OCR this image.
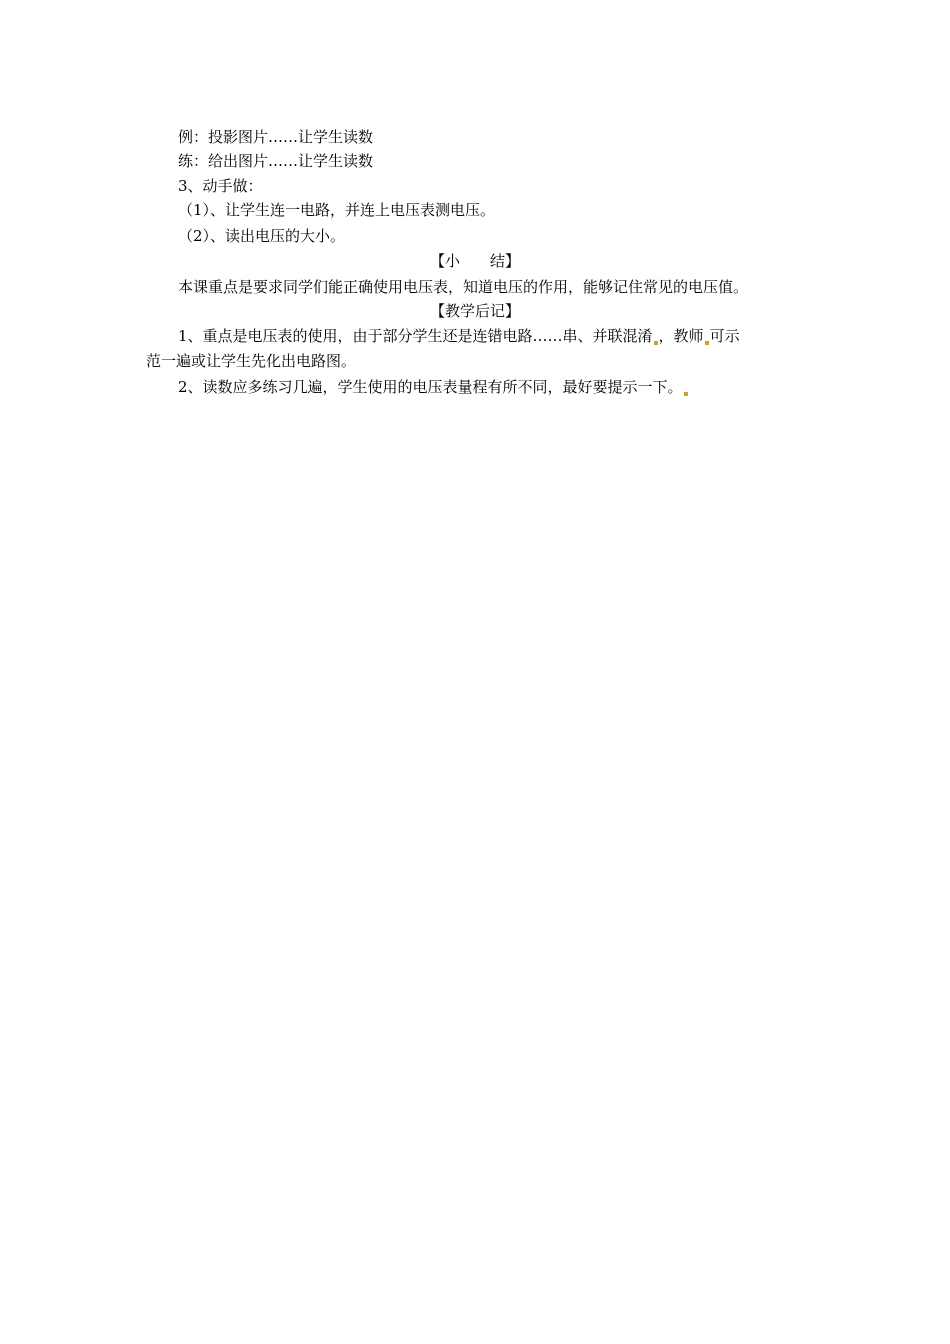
例：投影图片……让学生读数
练：给出图片……让学生读数
3、动手做：
（1）、让学生连一电路，并连上电压表测电压。
（2）、读出电压的大小。
【小　　结】
本课重点是要求同学们能正确使用电压表，知道电压的作用，能够记住常见的电压值。
【教学后记】
1、重点是电压表的使用，由于部分学生还是连错电路……串、并联混淆 ，教师 可示
范一遍或让学生先化出电路图。
2、读数应多练习几遍，学生使用的电压表量程有所不同，最好要提示一下。
